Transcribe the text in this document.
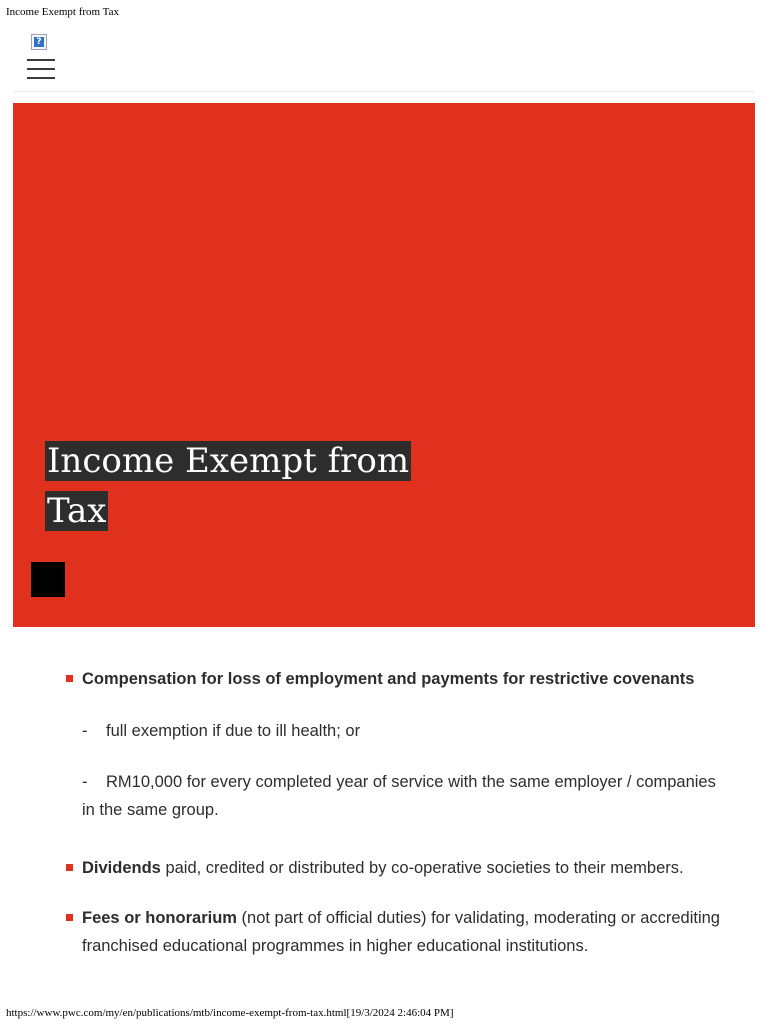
Income Exempt from Tax
?
Income Exempt from Tax
Compensation for loss of employment and payments for restrictive covenants
- full exemption if due to ill health; or
- RM10,000 for every completed year of service with the same employer / companies in the same group.
Dividends paid, credited or distributed by co-operative societies to their members.
Fees or honorarium (not part of official duties) for validating, moderating or accrediting franchised educational programmes in higher educational institutions.
https://www.pwc.com/my/en/publications/mtb/income-exempt-from-tax.html[19/3/2024 2:46:04 PM]
